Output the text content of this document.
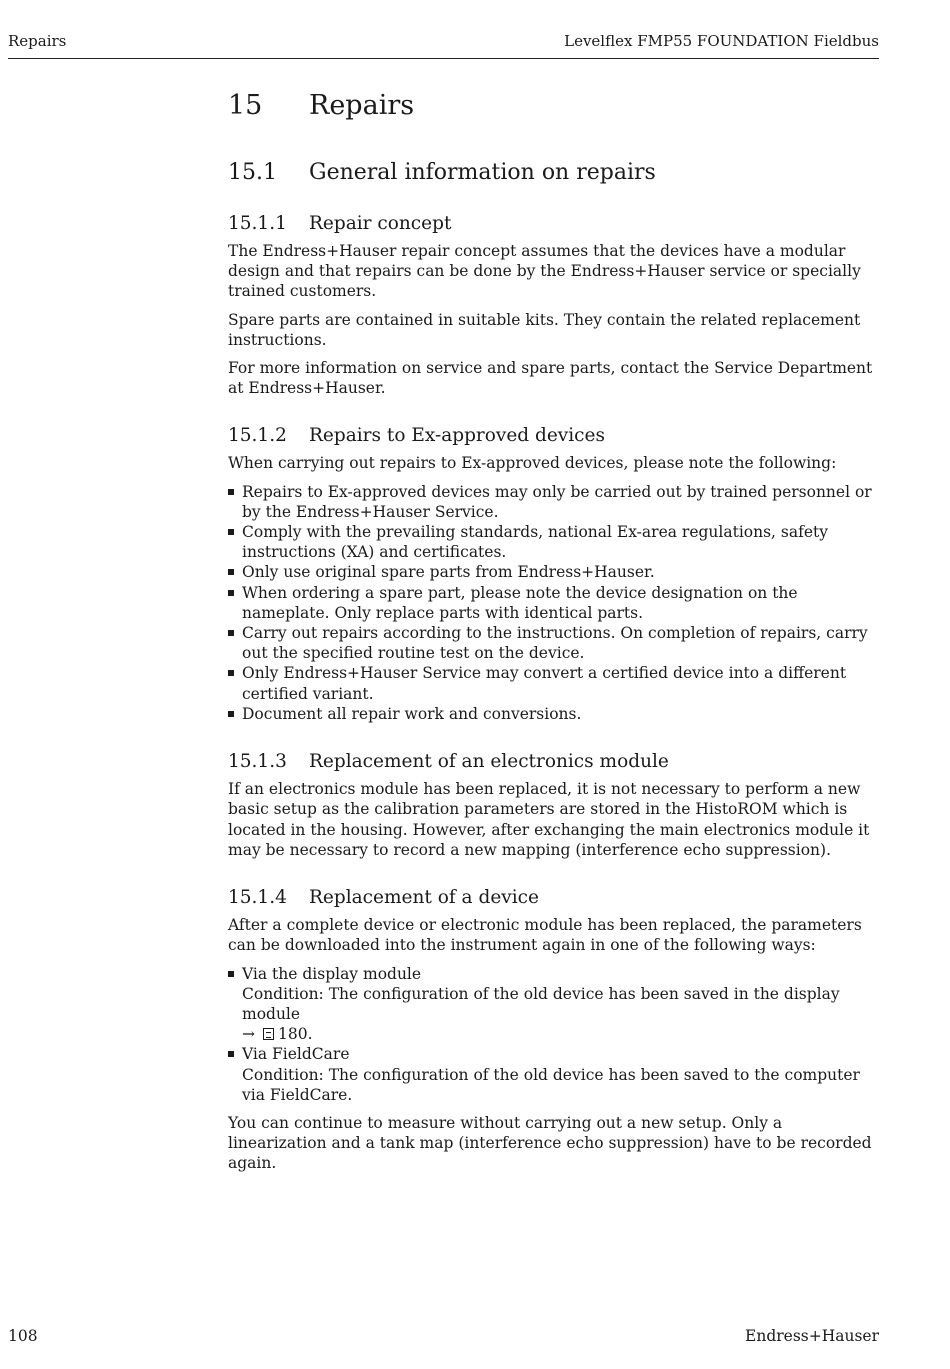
Repairs	Levelflex FMP55 FOUNDATION Fieldbus
15	Repairs
15.1	General information on repairs
15.1.1	Repair concept

The Endress+Hauser repair concept assumes that the devices have a modular design and that repairs can be done by the Endress+Hauser service or specially trained customers.

Spare parts are contained in suitable kits. They contain the related replacement instructions.

For more information on service and spare parts, contact the Service Department at Endress+Hauser.

15.1.2	Repairs to Ex-approved devices

When carrying out repairs to Ex-approved devices, please note the following:

Repairs to Ex-approved devices may only be carried out by trained personnel or by the Endress+Hauser Service.
Comply with the prevailing standards, national Ex-area regulations, safety instructions (XA) and certificates.
Only use original spare parts from Endress+Hauser.
When ordering a spare part, please note the device designation on the nameplate. Only replace parts with identical parts.
Carry out repairs according to the instructions. On completion of repairs, carry out the specified routine test on the device.
Only Endress+Hauser Service may convert a certified device into a different certified variant.
Document all repair work and conversions.
15.1.3	Replacement of an electronics module

If an electronics module has been replaced, it is not necessary to perform a new basic setup as the calibration parameters are stored in the HistoROM which is located in the housing. However, after exchanging the main electronics module it may be necessary to record a new mapping (interference echo suppression).

15.1.4	Replacement of a device

After a complete device or electronic module has been replaced, the parameters can be downloaded into the instrument again in one of the following ways:

Via the display module
Condition: The configuration of the old device has been saved in the display module
→ 180.
Via FieldCare
Condition: The configuration of the old device has been saved to the computer via FieldCare.

You can continue to measure without carrying out a new setup. Only a linearization and a tank map (interference echo suppression) have to be recorded again.

108	Endress+Hauser
